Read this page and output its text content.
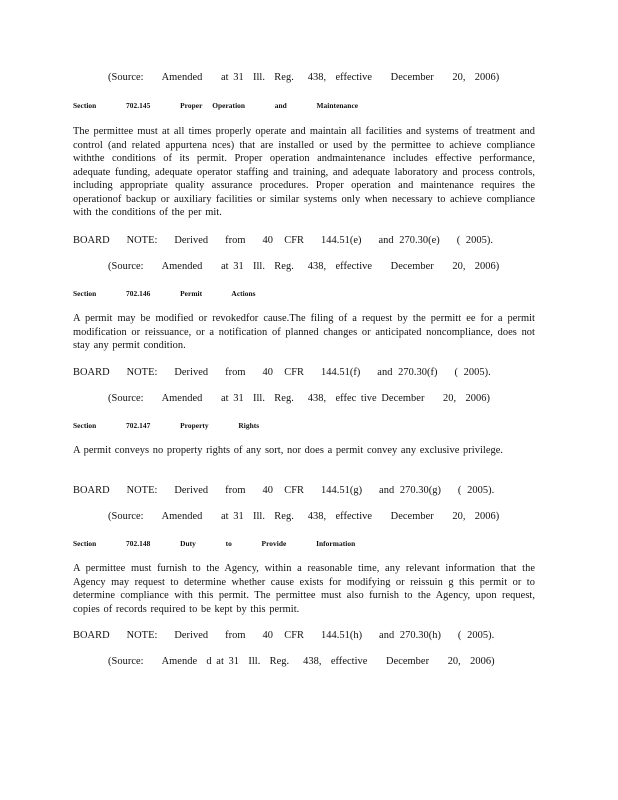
(Source:    Amended    at 31  Ill.  Reg.   438,  effective    December    20,  2006)
Section   702.145   Proper Operation   and   Maintenance
The permittee must at all times properly operate and maintain all facilities and systems of treatment and control (and related appurtena nces) that are installed or used by the permittee to achieve compliance withthe conditions of its permit. Proper operation andmaintenance includes effective performance, adequate funding, adequate operator staffing and training, and adequate laboratory and process controls, including appropriate quality assurance procedures. Proper operation and maintenance requires the operationof backup or auxiliary facilities or similar systems only when necessary to achieve compliance with the conditions of the per mit.
BOARD   NOTE:   Derived   from   40  CFR   144.51(e)   and 270.30(e)   ( 2005).
(Source:    Amended    at 31  Ill.  Reg.   438,  effective    December    20,  2006)
Section   702.146   Permit   Actions
A permit may be modified or revokedfor cause.The filing of a request by the permitt ee for a permit modification or reissuance, or a notification of planned changes or anticipated noncompliance, does not stay any permit condition.
BOARD   NOTE:   Derived   from   40  CFR   144.51(f)   and 270.30(f)   ( 2005).
(Source:    Amended    at 31  Ill.  Reg.   438,  effec tive December    20,  2006)
Section   702.147   Property   Rights
A permit conveys no property rights of any sort, nor does a permit convey any exclusive privilege.
BOARD   NOTE:   Derived   from   40  CFR   144.51(g)   and 270.30(g)   ( 2005).
(Source:    Amended    at 31  Ill.  Reg.   438,  effective    December    20,  2006)
Section   702.148   Duty   to   Provide   Information
A permittee must furnish to the Agency, within a reasonable time, any relevant information that the Agency may request to determine whether cause exists for modifying or reissuin g this permit or to determine compliance with this permit. The permittee must also furnish to the Agency, upon request, copies of records required to be kept by this permit.
BOARD   NOTE:   Derived   from   40  CFR   144.51(h)   and 270.30(h)   ( 2005).
(Source:    Amende  d at 31  Ill.  Reg.   438,  effective    December    20,  2006)
